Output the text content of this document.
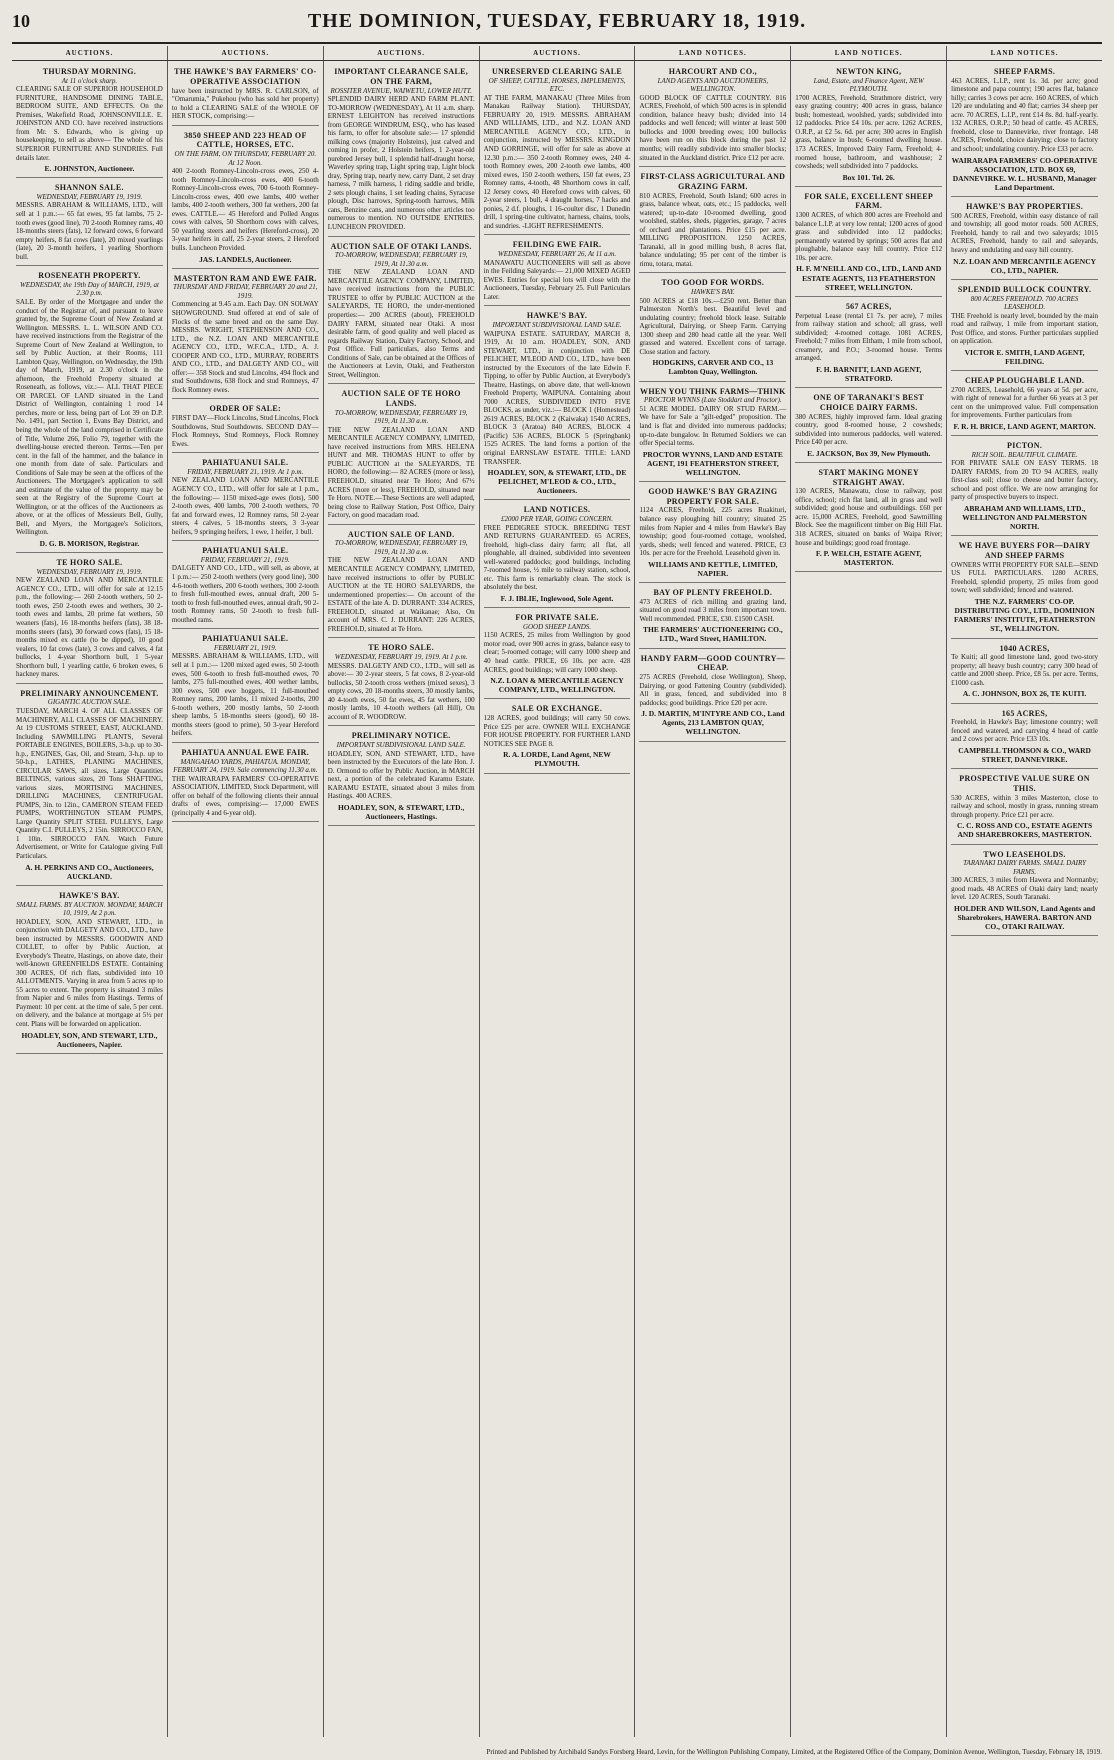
10	THE DOMINION, TUESDAY, FEBRUARY 18, 1919.
AUCTIONS.	AUCTIONS.	AUCTIONS.	AUCTIONS.	LAND NOTICES.	LAND NOTICES.	LAND NOTICES.
THURSDAY MORNING.
At 11 o'clock sharp.
CLEARING SALE OF SUPERIOR HOUSEHOLD FURNITURE, HANDSOME DINING TABLE, BEDROOM SUITE, AND EFFECTS. On the Premises, Wakefield Road, JOHNSONVILLE. E. JOHNSTON AND CO. have received instructions from Mr. S. Edwards, who is giving up housekeeping, to sell as above— The whole of his SUPERIOR FURNITURE AND SUNDRIES. Full details later.
E. JOHNSTON, Auctioneer.
SHANNON SALE.
WEDNESDAY, FEBRUARY 19, 1919.
MESSRS. ABRAHAM & WILLIAMS, LTD., will sell at 1 p.m.:— 65 fat ewes, 95 fat lambs, 75 2-tooth ewes (good line), 70 2-tooth Romney rams, 40 18-months steers (fats), 12 forward cows, 6 forward empty heifers, 8 fat cows (late), 20 mixed yearlings (late), 20 3-month heifers, 1 yearling Shorthorn bull.
ROSENEATH PROPERTY.
WEDNESDAY, the 19th Day of MARCH, 1919, at 2.30 p.m.
SALE. By order of the Mortgagee and under the conduct of the Registrar of, and pursuant to leave granted by, the Supreme Court of New Zealand at Wellington. MESSRS. L. L. WILSON AND CO. have received instructions from the Registrar of the Supreme Court of New Zealand at Wellington, to sell by Public Auction, at their Rooms, 111 Lambton Quay, Wellington, on Wednesday, the 19th day of March, 1919, at 2.30 o'clock in the afternoon, the Freehold Property situated at Roseneath, as follows, viz.:— ALL THAT PIECE OR PARCEL OF LAND situated in the Land District of Wellington, containing 1 rood 14 perches, more or less, being part of Lot 39 on D.P. No. 1491, part Section 1, Evans Bay District, and being the whole of the land comprised in Certificate of Title, Volume 266, Folio 79, together with the dwelling-house erected thereon. Terms.—Ten per cent. in the fall of the hammer, and the balance in one month from date of sale. Particulars and Conditions of Sale may be seen at the offices of the Auctioneers. The Mortgagee's application to sell and estimate of the value of the property may be seen at the Registry of the Supreme Court at Wellington, or at the offices of the Auctioneers as above, or at the offices of Messieurs Bell, Gully, Bell, and Myers, the Mortgagee's Solicitors, Wellington.
D. G. B. MORISON, Registrar.
TE HORO SALE.
WEDNESDAY, FEBRUARY 19, 1919.
NEW ZEALAND LOAN AND MERCANTILE AGENCY CO., LTD., will offer for sale at 12.15 p.m., the following:— 260 2-tooth wethers, 50 2-tooth ewes, 250 2-tooth ewes and wethers, 30 2-tooth ewes and lambs, 20 prime fat wethers, 50 weaners (fats), 16 18-months heifers (fats), 38 18-months steers (fats), 30 forward cows (fats), 15 18-months mixed ex cattle (to be dipped), 10 good vealers, 10 fat cows (late), 3 cows and calves, 4 fat bullocks, 1 4-year Shorthorn bull, 1 5-year Shorthorn bull, 1 yearling cattle, 6 broken ewes, 6 hackney mares.
PRELIMINARY ANNOUNCEMENT.
GIGANTIC AUCTION SALE.
TUESDAY, MARCH 4. OF ALL CLASSES OF MACHINERY, ALL CLASSES OF MACHINERY. At 19 CUSTOMS STREET, EAST, AUCKLAND. Including SAWMILLING PLANTS, Several PORTABLE ENGINES, BOILERS, 3-h.p. up to 30-h.p., ENGINES, Gas, Oil, and Steam, 3-h.p. up to 50-h.p., LATHES, PLANING MACHINES, CIRCULAR SAWS, all sizes, Large Quantities BELTINGS, various sizes, 20 Tons SHAFTING, various sizes, MORTISING MACHINES, DRILLING MACHINES, CENTRIFUGAL PUMPS, 3in. to 12in., CAMERON STEAM FEED PUMPS, WORTHINGTON STEAM PUMPS, Large Quantity SPLIT STEEL PULLEYS, Large Quantity C.I. PULLEYS, 2 15in. SIRROCCO FAN, 1 10in. SIRROCCO FAN. Watch Future Advertisement, or Write for Catalogue giving Full Particulars.
A. H. PERKINS AND CO., Auctioneers, AUCKLAND.
HAWKE'S BAY.
SMALL FARMS. BY AUCTION. MONDAY, MARCH 10, 1919, At 2 p.m.
HOADLEY, SON, AND STEWART, LTD., in conjunction with DALGETY AND CO., LTD., have been instructed by MESSRS. GOODWIN AND COLLET, to offer by Public Auction, at Everybody's Theatre, Hastings, on above date, their well-known GREENFIELDS ESTATE. Containing 300 ACRES, Of rich flats, subdivided into 10 ALLOTMENTS. Varying in area from 5 acres up to 55 acres to extent. The property is situated 3 miles from Napier and 6 miles from Hastings. Terms of Payment: 10 per cent. at the time of sale, 5 per cent. on delivery, and the balance at mortgage at 5½ per cent. Plans will be forwarded on application.
HOADLEY, SON, AND STEWART, LTD., Auctioneers, Napier.
THE HAWKE'S BAY FARMERS' CO-OPERATIVE ASSOCIATION
have been instructed by MRS. R. CARLSON, of "Omarumia," Pukehou (who has sold her property) to hold a CLEARING SALE of the WHOLE OF HER STOCK, comprising:—
3850 SHEEP AND 223 HEAD OF CATTLE, HORSES, ETC.
ON THE FARM, ON THURSDAY, FEBRUARY 20. At 12 Noon.
400 2-tooth Romney-Lincoln-cross ewes, 250 4-tooth Romney-Lincoln-cross ewes, 400 6-tooth Romney-Lincoln-cross ewes, 700 6-tooth Romney-Lincoln-cross ewes, 400 ewe lambs, 400 wether lambs, 400 2-tooth wethers, 300 fat wethers, 200 fat ewes. CATTLE.— 45 Hereford and Polled Angus cows with calves, 50 Shorthorn cows with calves, 50 yearling steers and heifers (Hereford-cross), 20 3-year heifers in calf, 25 2-year steers, 2 Hereford bulls. Luncheon Provided.
JAS. LANDELS, Auctioneer.
MASTERTON RAM AND EWE FAIR.
THURSDAY AND FRIDAY, FEBRUARY 20 and 21, 1919.
Commencing at 9.45 a.m. Each Day. ON SOLWAY SHOWGROUND. Stud offered at end of sale of Flocks of the same breed and on the same Day. MESSRS. WRIGHT, STEPHENSON AND CO., LTD., the N.Z. LOAN AND MERCANTILE AGENCY CO., LTD., W.F.C.A., LTD., A. J. COOPER AND CO., LTD., MURRAY, ROBERTS AND CO., LTD., and DALGETY AND CO., will offer:— 358 Stock and stud Lincolns, 494 flock and stud Southdowns, 638 flock and stud Romneys, 47 flock Romney ewes.
ORDER OF SALE:
FIRST DAY—Flock Lincolns, Stud Lincolns, Flock Southdowns, Stud Southdowns. SECOND DAY—Flock Romneys, Stud Romneys, Flock Romney Ewes.
PAHIATUANUI SALE.
FRIDAY, FEBRUARY 21, 1919. At 1 p.m.
NEW ZEALAND LOAN AND MERCANTILE AGENCY CO., LTD., will offer for sale at 1 p.m., the following:— 1150 mixed-age ewes (lots), 500 2-tooth ewes, 400 lambs, 700 2-tooth wethers, 70 fat and forward ewes, 12 Romney rams, 50 2-year steers, 4 calves, 5 18-months steers, 3 3-year heifers, 9 springing heifers, 1 ewe, 1 heifer, 1 bull.
PAHIATUANUI SALE.
FRIDAY, FEBRUARY 21, 1919.
DALGETY AND CO., LTD., will sell, as above, at 1 p.m.:— 250 2-tooth wethers (very good line), 300 4-6-tooth wethers, 200 6-tooth wethers, 300 2-tooth to fresh full-mouthed ewes, annual draft, 200 5-tooth to fresh full-mouthed ewes, annual draft, 90 2-tooth Romney rams, 50 2-tooth to fresh full-mouthed rams.
PAHIATUANUI SALE.
FEBRUARY 21, 1919.
MESSRS. ABRAHAM & WILLIAMS, LTD., will sell at 1 p.m.:— 1200 mixed aged ewes, 50 2-tooth ewes, 500 6-tooth to fresh full-mouthed ewes, 70 lambs, 275 full-mouthed ewes, 400 wether lambs, 300 ewes, 500 ewe hoggets, 11 full-mouthed Romney rams, 200 lambs, 11 mixed 2-tooths, 200 6-tooth wethers, 200 mostly lambs, 50 2-tooth sheep lambs, 5 18-months steers (good), 60 18-months steers (good to prime), 50 3-year Hereford heifers.
PAHIATUA ANNUAL EWE FAIR.
MANGAHAO YARDS, PAHIATUA. MONDAY, FEBRUARY 24, 1919. Sale commencing 11.30 a.m.
THE WAIRARAPA FARMERS' CO-OPERATIVE ASSOCIATION, LIMITED, Stock Department, will offer on behalf of the following clients their annual drafts of ewes, comprising:— 17,000 EWES (principally 4 and 6-year old).
IMPORTANT CLEARANCE SALE, ON THE FARM,
ROSSITER AVENUE, WAIWETU, LOWER HUTT.
SPLENDID DAIRY HERD AND FARM PLANT. TO-MORROW (WEDNESDAY), At 11 a.m. sharp. ERNEST LEIGHTON has received instructions from GEORGE WINDRUM, ESQ., who has leased his farm, to offer for absolute sale:— 17 splendid milking cows (majority Holsteins), just calved and coming in profer, 2 Holstein heifers, 1 2-year-old purebred Jersey bull, 1 splendid half-draught horse, Waverley spring trap, Light spring trap, Light block dray, Spring trap, nearly new, carry Dant, 2 set dray harness, 7 milk harness, 1 riding saddle and bridle, 2 sets plough chains, 1 set leading chains, Syracuse plough, Disc harrows, Spring-tooth harrows, Milk cans, Benzine cans, and numerous other articles too numerous to mention. NO OUTSIDE ENTRIES. LUNCHEON PROVIDED.
AUCTION SALE OF OTAKI LANDS.
TO-MORROW, WEDNESDAY, FEBRUARY 19, 1919, At 11.30 a.m.
THE NEW ZEALAND LOAN AND MERCANTILE AGENCY COMPANY, LIMITED, have received instructions from the PUBLIC TRUSTEE to offer by PUBLIC AUCTION at the SALEYARDS, TE HORO, the under-mentioned properties:— 200 ACRES (about), FREEHOLD DAIRY FARM, situated near Otaki. A most desirable farm, of good quality and well placed as regards Railway Station, Dairy Factory, School, and Post Office. Full particulars, also Terms and Conditions of Sale, can be obtained at the Offices of the Auctioneers at Levin, Otaki, and Featherston Street, Wellington.
AUCTION SALE OF TE HORO LANDS.
TO-MORROW, WEDNESDAY, FEBRUARY 19, 1919, At 11.30 a.m.
THE NEW ZEALAND LOAN AND MERCANTILE AGENCY COMPANY, LIMITED, have received instructions from MRS. HELENA HUNT and MR. THOMAS HUNT to offer by PUBLIC AUCTION at the SALEYARDS, TE HORO, the following:— 82 ACRES (more or less), FREEHOLD, situated near Te Horo; And 67½ ACRES (more or less), FREEHOLD, situated near Te Horo. NOTE.—These Sections are well adapted, being close to Railway Station, Post Office, Dairy Factory, on good macadam road.
AUCTION SALE OF LAND.
TO-MORROW, WEDNESDAY, FEBRUARY 19, 1919, At 11.30 a.m.
THE NEW ZEALAND LOAN AND MERCANTILE AGENCY COMPANY, LIMITED, have received instructions to offer by PUBLIC AUCTION at the TE HORO SALEYARDS, the undermentioned properties:— On account of the ESTATE of the late A. D. DURRANT: 334 ACRES, FREEHOLD, situated at Waikanae; Also, On account of MRS. C. J. DURRANT: 226 ACRES, FREEHOLD, situated at Te Horo.
TE HORO SALE.
WEDNESDAY, FEBRUARY 19, 1919. At 1 p.m.
MESSRS. DALGETY AND CO., LTD., will sell as above:— 30 2-year steers, 5 fat cows, 8 2-year-old bullocks, 50 2-tooth cross wethers (mixed sexes), 3 empty cows, 20 18-months steers, 30 mostly lambs, 40 4-tooth ewes, 50 fat ewes, 45 fat wethers, 100 mostly lambs, 10 4-tooth wethers (all Hill), On account of R. WOODROW.
PRELIMINARY NOTICE.
IMPORTANT SUBDIVISIONAL LAND SALE.
HOADLEY, SON, AND STEWART, LTD., have been instructed by the Executors of the late Hon. J. D. Ormond to offer by Public Auction, in MARCH next, a portion of the celebrated Karamu Estate. KARAMU ESTATE, situated about 3 miles from Hastings. 400 ACRES.
HOADLEY, SON, & STEWART, LTD., Auctioneers, Hastings.
UNRESERVED CLEARING SALE
OF SHEEP, CATTLE, HORSES, IMPLEMENTS, ETC.
AT THE FARM, MANAKAU (Three Miles from Manakau Railway Station). THURSDAY, FEBRUARY 20, 1919. MESSRS. ABRAHAM AND WILLIAMS, LTD., and N.Z. LOAN AND MERCANTILE AGENCY CO., LTD., in conjunction, instructed by MESSRS. KINGDON AND GORRINGE, will offer for sale as above at 12.30 p.m.:— 350 2-tooth Romney ewes, 240 4-tooth Romney ewes, 200 2-tooth ewe lambs, 400 mixed ewes, 150 2-tooth wethers, 150 fat ewes, 23 Romney rams, 4-tooth, 48 Shorthorn cows in calf, 12 Jersey cows, 40 Hereford cows with calves, 60 2-year steers, 1 bull, 4 draught horses, 7 hacks and ponies, 2 d.f. ploughs, 1 16-coulter disc, 1 Dunedin drill, 1 spring-tine cultivator, harness, chains, tools, and sundries. -LIGHT REFRESHMENTS.
FEILDING EWE FAIR.
WEDNESDAY, FEBRUARY 26, At 11 a.m.
MANAWATU AUCTIONEERS will sell as above in the Feilding Saleyards:— 21,000 MIXED AGED EWES. Entries for special lots will close with the Auctioneers, Tuesday, February 25. Full Particulars Later.
HAWKE'S BAY.
IMPORTANT SUBDIVISIONAL LAND SALE.
WAIPUNA ESTATE. SATURDAY, MARCH 8, 1919, At 10 a.m. HOADLEY, SON, AND STEWART, LTD., in conjunction with DE PELICHET, M'LEOD AND CO., LTD., have been instructed by the Executors of the late Edwin F. Tipping, to offer by Public Auction, at Everybody's Theatre, Hastings, on above date, that well-known Freehold Property, WAIPUNA. Containing about 7000 ACRES, SUBDIVIDED INTO FIVE BLOCKS, as under, viz.:— BLOCK 1 (Homestead) 2619 ACRES, BLOCK 2 (Kaiwaka) 1540 ACRES, BLOCK 3 (Aratoa) 840 ACRES, BLOCK 4 (Pacific) 536 ACRES, BLOCK 5 (Springbank) 1525 ACRES. The land forms a portion of the original EARNSLAW ESTATE. TITLE: LAND TRANSFER.
HOADLEY, SON, & STEWART, LTD., DE PELICHET, M'LEOD & CO., LTD., Auctioneers.
LAND NOTICES.
£2000 PER YEAR, GOING CONCERN.
FREE PEDIGREE STOCK. BREEDING TEST AND RETURNS GUARANTEED. 65 ACRES, freehold, high-class dairy farm; all flat, all ploughable, all drained, subdivided into seventeen well-watered paddocks; good buildings, including 7-roomed house, ½ mile to railway station, school, etc. This farm is remarkably clean. The stock is absolutely the best.
F. J. IBLIE, Inglewood, Sole Agent.
FOR PRIVATE SALE.
GOOD SHEEP LANDS.
1150 ACRES, 25 miles from Wellington by good motor road, over 900 acres in grass, balance easy to clear; 5-roomed cottage; will carry 1000 sheep and 40 head cattle. PRICE, £6 10s. per acre. 428 ACRES, good buildings; will carry 1000 sheep.
N.Z. LOAN & MERCANTILE AGENCY COMPANY, LTD., WELLINGTON.
SALE OR EXCHANGE.
128 ACRES, good buildings; will carry 50 cows. Price £25 per acre. OWNER WILL EXCHANGE FOR HOUSE PROPERTY. FOR FURTHER LAND NOTICES SEE PAGE 8.
R. A. LORDE, Land Agent, NEW PLYMOUTH.
HARCOURT AND CO.,
LAND AGENTS AND AUCTIONEERS, WELLINGTON.
GOOD BLOCK OF CATTLE COUNTRY. 816 ACRES, Freehold, of which 500 acres is in splendid condition, balance heavy bush; divided into 14 paddocks and well fenced; will winter at least 500 bullocks and 1000 breeding ewes; 100 bullocks have been run on this block during the past 12 months; will readily subdivide into smaller blocks; situated in the Auckland district. Price £12 per acre.
FIRST-CLASS AGRICULTURAL AND GRAZING FARM.
810 ACRES, Freehold, South Island; 600 acres in grass, balance wheat, oats, etc.; 15 paddocks, well watered; up-to-date 10-roomed dwelling, good woolshed, stables, sheds, piggeries, garage, 7 acres of orchard and plantations. Price £15 per acre. MILLING PROPOSITION. 1250 ACRES, Taranaki, all in good milling bush, 8 acres flat, balance undulating; 95 per cent of the timber is rimu, totara, matai.
TOO GOOD FOR WORDS.
HAWKE'S BAY.
500 ACRES at £18 10s.—£250 rent. Better than Palmerston North's best. Beautiful level and undulating country; freehold block lease. Suitable Agricultural, Dairying, or Sheep Farm. Carrying 1300 sheep and 280 head cattle all the year. Well grassed and watered. Excellent cons of tarrage. Close station and factory.
HODGKINS, CARVER AND CO., 13 Lambton Quay, Wellington.
WHEN YOU THINK FARMS—THINK
PROCTOR WYNNS (Late Stoddart and Proctor).
51 ACRE MODEL DAIRY OR STUD FARM.—We have for Sale a "gilt-edged" proposition. The land is flat and divided into numerous paddocks; up-to-date bungalow. In Returned Soldiers we can offer Special terms.
PROCTOR WYNNS, LAND AND ESTATE AGENT, 191 FEATHERSTON STREET, WELLINGTON.
GOOD HAWKE'S BAY GRAZING PROPERTY FOR SALE.
1124 ACRES, Freehold, 225 acres Ruakituri, balance easy ploughing hill country; situated 25 miles from Napier and 4 miles from Hawke's Bay township; good four-roomed cottage, woolshed, yards, sheds; well fenced and watered. PRICE, £3 10s. per acre for the Freehold. Leasehold given in.
WILLIAMS AND KETTLE, LIMITED, NAPIER.
BAY OF PLENTY FREEHOLD.
473 ACRES of rich milling and grazing land, situated on good road 3 miles from important town. Well recommended. PRICE, £30. £1500 CASH.
THE FARMERS' AUCTIONEERING CO., LTD., Ward Street, HAMILTON.
HANDY FARM—GOOD COUNTRY—CHEAP.
275 ACRES (Freehold, close Wellington), Sheep, Dairying, or good Fattening Country (subdivided). All in grass, fenced, and subdivided into 8 paddocks; good buildings. Price £20 per acre.
J. D. MARTIN, M'INTYRE AND CO., Land Agents, 213 LAMBTON QUAY, WELLINGTON.
NEWTON KING,
Land, Estate, and Finance Agent, NEW PLYMOUTH.
1700 ACRES, Freehold, Strathmore district, very easy grazing country; 400 acres in grass, balance bush; homestead, woolshed, yards; subdivided into 12 paddocks. Price £4 10s. per acre. 1262 ACRES, O.R.P., at £2 5s. 6d. per acre; 300 acres in English grass, balance in bush; 6-roomed dwelling house. 173 ACRES, Improved Dairy Farm, Freehold; 4-roomed house, bathroom, and washhouse; 2 cowsheds; well subdivided into 7 paddocks.
Box 101. Tel. 26.
FOR SALE, EXCELLENT SHEEP FARM.
1300 ACRES, of which 800 acres are Freehold and balance L.I.P. at very low rental; 1200 acres of good grass and subdivided into 12 paddocks; permanently watered by springs; 500 acres flat and ploughable, balance easy hill country. Price £12 10s. per acre.
H. F. M'NEILL AND CO., LTD., LAND AND ESTATE AGENTS, 113 FEATHERSTON STREET, WELLINGTON.
567 ACRES,
Perpetual Lease (rental £1 7s. per acre), 7 miles from railway station and school; all grass, well subdivided; 4-roomed cottage. 1081 ACRES, Freehold; 7 miles from Eltham, 1 mile from school, creamery, and P.O.; 3-roomed house. Terms arranged.
F. H. BARNITT, LAND AGENT, STRATFORD.
ONE OF TARANAKI'S BEST CHOICE DAIRY FARMS.
380 ACRES, highly improved farm. Ideal grazing country, good 8-roomed house, 2 cowsheds; subdivided into numerous paddocks, well watered. Price £40 per acre.
E. JACKSON, Box 39, New Plymouth.
START MAKING MONEY STRAIGHT AWAY.
130 ACRES, Manawatu, close to railway, post office, school; rich flat land, all in grass and well subdivided; good house and outbuildings. £60 per acre. 15,000 ACRES, Freehold, good Sawmilling Block. See the magnificent timber on Big Hill Flat. 318 ACRES, situated on banks of Waipa River; house and buildings; good road frontage.
F. P. WELCH, ESTATE AGENT, MASTERTON.
SHEEP FARMS.
463 ACRES, L.I.P., rent 1s. 3d. per acre; good limestone and papa country; 190 acres flat, balance hilly; carries 3 cows per acre. 160 ACRES, of which 120 are undulating and 40 flat; carries 34 sheep per acre. 70 ACRES, L.I.P., rent £14 8s. 8d. half-yearly. 132 ACRES, O.R.P.; 50 head of cattle. 45 ACRES, freehold, close to Dannevirke, river frontage. 148 ACRES, Freehold, choice dairying; close to factory and school; undulating country. Price £33 per acre.
WAIRARAPA FARMERS' CO-OPERATIVE ASSOCIATION, LTD. BOX 69, DANNEVIRKE. W. L. HUSBAND, Manager Land Department.
HAWKE'S BAY PROPERTIES.
500 ACRES, Freehold, within easy distance of rail and township; all good motor roads. 500 ACRES, Freehold, handy to rail and two saleyards; 1015 ACRES, Freehold, handy to rail and saleyards, heavy and undulating and easy hill country.
N.Z. LOAN AND MERCANTILE AGENCY CO., LTD., NAPIER.
SPLENDID BULLOCK COUNTRY.
800 ACRES FREEHOLD. 700 ACRES LEASEHOLD.
THE Freehold is nearly level, bounded by the main road and railway, 1 mile from important station, Post Office, and stores. Further particulars supplied on application.
VICTOR E. SMITH, LAND AGENT, FEILDING.
CHEAP PLOUGHABLE LAND.
2700 ACRES, Leasehold, 66 years at 5d. per acre, with right of renewal for a further 66 years at 3 per cent on the unimproved value. Full compensation for improvements. Further particulars from
F. R. H. BRICE, LAND AGENT, MARTON.
PICTON.
RICH SOIL. BEAUTIFUL CLIMATE.
FOR PRIVATE SALE ON EASY TERMS. 18 DAIRY FARMS, from 20 TO 94 ACRES, really first-class soil; close to cheese and butter factory, school and post office. We are now arranging for party of prospective buyers to inspect.
ABRAHAM AND WILLIAMS, LTD., WELLINGTON AND PALMERSTON NORTH.
WE HAVE BUYERS FOR—DAIRY AND SHEEP FARMS
OWNERS WITH PROPERTY FOR SALE—SEND US FULL PARTICULARS. 1280 ACRES, Freehold, splendid property, 25 miles from good town; well subdivided; fenced and watered.
THE N.Z. FARMERS' CO-OP. DISTRIBUTING COY., LTD., DOMINION FARMERS' INSTITUTE, FEATHERSTON ST., WELLINGTON.
1040 ACRES,
Te Kuiti; all good limestone land, good two-story property; all heavy bush country; carry 300 head of cattle and 2000 sheep. Price, £8 5s. per acre. Terms, £1000 cash.
A. C. JOHNSON, BOX 26, TE KUITI.
165 ACRES,
Freehold, in Hawke's Bay; limestone country; well fenced and watered, and carrying 4 head of cattle and 2 cows per acre. Price £33 10s.
CAMPBELL THOMSON & CO., WARD STREET, DANNEVIRKE.
PROSPECTIVE VALUE SURE ON THIS.
530 ACRES, within 3 miles Masterton, close to railway and school, mostly in grass, running stream through property. Price £21 per acre.
C. C. ROSS AND CO., ESTATE AGENTS AND SHAREBROKERS, MASTERTON.
TWO LEASEHOLDS.
TARANAKI DAIRY FARMS. SMALL DAIRY FARMS.
300 ACRES, 3 miles from Hawera and Normanby; good roads. 48 ACRES of Otaki dairy land; nearly level. 120 ACRES, South Taranaki.
HOLDER AND WILSON, Land Agents and Sharebrokers, HAWERA. BARTON AND CO., OTAKI RAILWAY.
Printed and Published by Archibald Sandys Forsberg Heard, Levin, for the Wellington Publishing Company, Limited, at the Registered Office of the Company, Dominion Avenue, Wellington, Tuesday, February 18, 1919.
